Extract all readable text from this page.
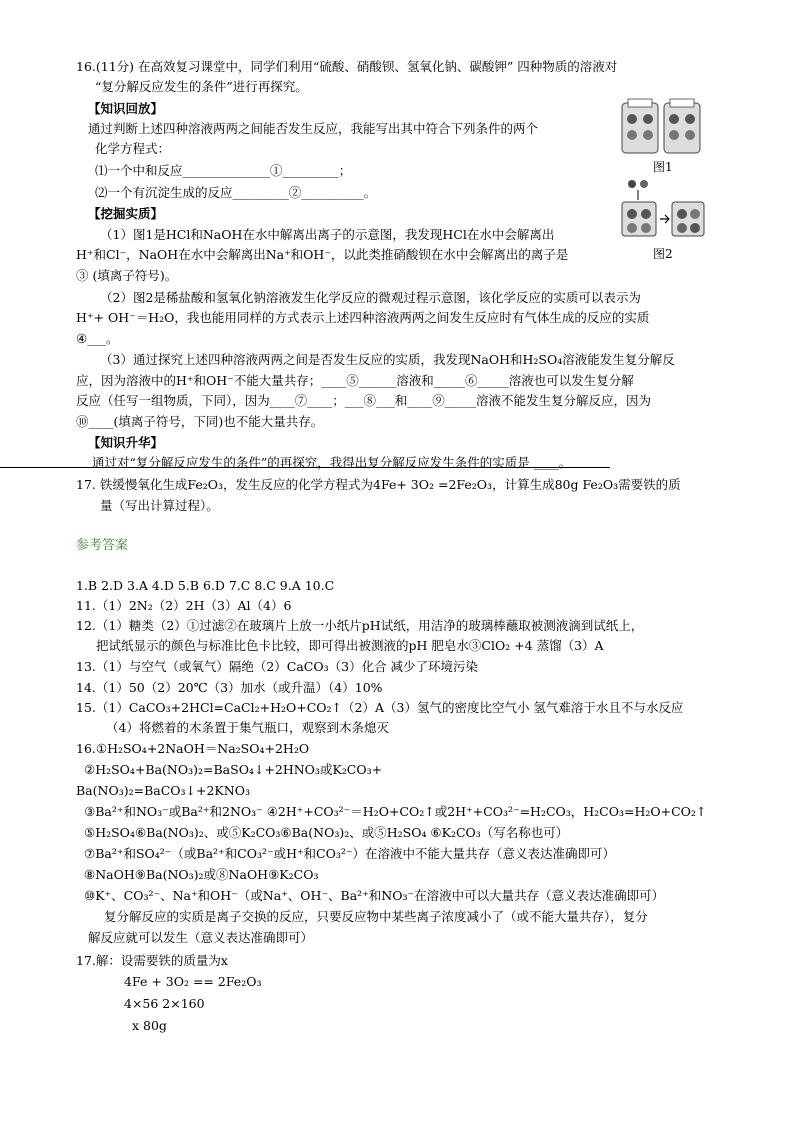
16.(11分) 在高效复习课堂中，同学们利用“硫酸、硝酸钡、氢氧化钠、碳酸钾” 四种物质的溶液对
“复分解反应发生的条件”进行再探究。
【知识回放】
通过判断上述四种溶液两两之间能否发生反应，我能写出其中符合下列条件的两个
化学方程式：
⑴一个中和反应______________①_________；
⑵一个有沉淀生成的反应_________②__________。
【挖掘实质】
（1）图1是HCl和NaOH在水中解离出离子的示意图，我发现HCl在水中会解离出
H⁺和Cl⁻，NaOH在水中会解离出Na⁺和OH⁻，以此类推硝酸钡在水中会解离出的离子是
③ (填离子符号)。
（2）图2是稀盐酸和氢氧化钠溶液发生化学反应的微观过程示意图，该化学反应的实质可以表示为
H⁺+ OH⁻＝H₂O，我也能用同样的方式表示上述四种溶液两两之间发生反应时有气体生成的反应的实质
④___。
（3）通过探究上述四种溶液两两之间是否发生反应的实质，我发现NaOH和H₂SO₄溶液能发生复分解反
应，因为溶液中的H⁺和OH⁻不能大量共存；____⑤______溶液和_____⑥_____溶液也可以发生复分解
反应（任写一组物质，下同），因为____⑦____；___⑧___和____⑨_____溶液不能发生复分解反应，因为
⑩____(填离子符号，下同)也不能大量共存。
【知识升华】
通过对“复分解反应发生的条件”的再探究，我得出复分解反应发生条件的实质是 ____。
图1
图2
17. 铁缓慢氧化生成Fe₂O₃，发生反应的化学方程式为4Fe+ 3O₂ =2Fe₂O₃，计算生成80g Fe₂O₃需要铁的质
量（写出计算过程）。
参考答案
1.B 2.D 3.A 4.D 5.B 6.D 7.C 8.C 9.A 10.C
11.（1）2N₂（2）2H（3）Al（4）6
12.（1）糖类（2）①过滤②在玻璃片上放一小纸片pH试纸，用洁净的玻璃棒蘸取被测液滴到试纸上，
把试纸显示的颜色与标准比色卡比较，即可得出被测液的pH 肥皂水③ClO₂ +4 蒸馏（3）A
13.（1）与空气（或氧气）隔绝（2）CaCO₃（3）化合 减少了环境污染
14.（1）50（2）20℃（3）加水（或升温）（4）10%
15.（1）CaCO₃+2HCl=CaCl₂+H₂O+CO₂↑（2）A（3）氢气的密度比空气小 氢气难溶于水且不与水反应
（4）将燃着的木条置于集气瓶口，观察到木条熄灭
16.①H₂SO₄+2NaOH＝Na₂SO₄+2H₂O
②H₂SO₄+Ba(NO₃)₂=BaSO₄↓+2HNO₃或K₂CO₃+
Ba(NO₃)₂=BaCO₃↓+2KNO₃
③Ba²⁺和NO₃⁻或Ba²⁺和2NO₃⁻ ④2H⁺+CO₃²⁻＝H₂O+CO₂↑或2H⁺+CO₃²⁻=H₂CO₃，H₂CO₃=H₂O+CO₂↑
⑤H₂SO₄⑥Ba(NO₃)₂、或⑤K₂CO₃⑥Ba(NO₃)₂、或⑤H₂SO₄ ⑥K₂CO₃（写名称也可）
⑦Ba²⁺和SO₄²⁻（或Ba²⁺和CO₃²⁻或H⁺和CO₃²⁻）在溶液中不能大量共存（意义表达准确即可）
⑧NaOH⑨Ba(NO₃)₂或⑧NaOH⑨K₂CO₃
⑩K⁺、CO₃²⁻、Na⁺和OH⁻（或Na⁺、OH⁻、Ba²⁺和NO₃⁻在溶液中可以大量共存（意义表达准确即可）
复分解反应的实质是离子交换的反应，只要反应物中某些离子浓度减小了（或不能大量共存），复分
解反应就可以发生（意义表达准确即可）
17.解：设需要铁的质量为x
4Fe + 3O₂ == 2Fe₂O₃
4×56 2×160
x 80g
